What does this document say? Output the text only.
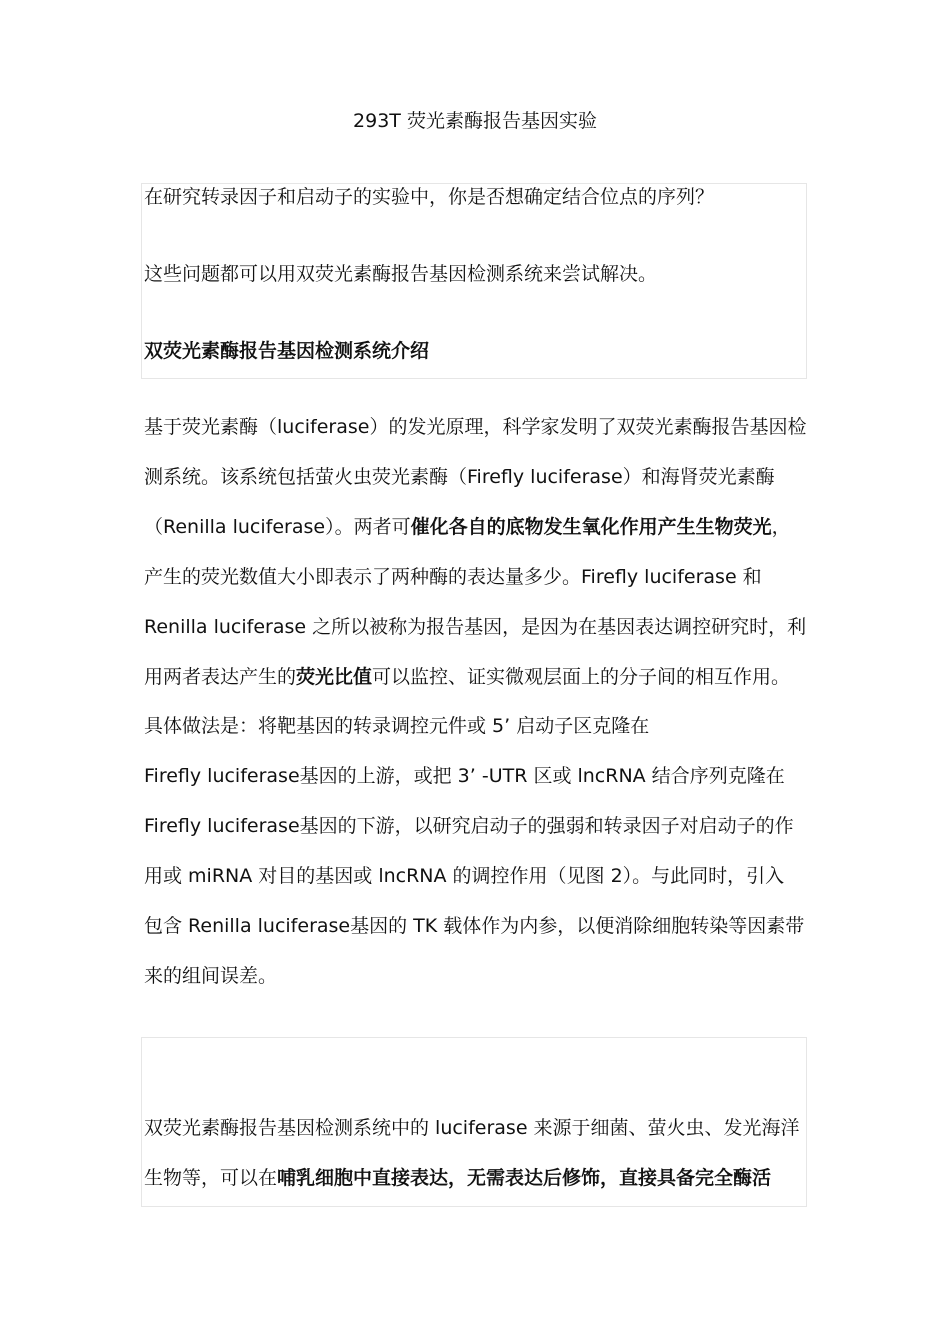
293T 荧光素酶报告基因实验
在研究转录因子和启动子的实验中，你是否想确定结合位点的序列？
这些问题都可以用双荧光素酶报告基因检测系统来尝试解决。
双荧光素酶报告基因检测系统介绍
基于荧光素酶（luciferase）的发光原理，科学家发明了双荧光素酶报告基因检
测系统。该系统包括萤火虫荧光素酶（Firefly luciferase）和海肾荧光素酶
（Renilla luciferase）。两者可催化各自的底物发生氧化作用产生生物荧光，
产生的荧光数值大小即表示了两种酶的表达量多少。Firefly luciferase 和
Renilla luciferase 之所以被称为报告基因，是因为在基因表达调控研究时，利
用两者表达产生的荧光比值可以监控、证实微观层面上的分子间的相互作用。
具体做法是：将靶基因的转录调控元件或 5’ 启动子区克隆在
Firefly luciferase基因的上游，或把 3’ -UTR 区或 lncRNA 结合序列克隆在
Firefly luciferase基因的下游，以研究启动子的强弱和转录因子对启动子的作
用或 miRNA 对目的基因或 lncRNA 的调控作用（见图 2）。与此同时，引入
包含 Renilla luciferase基因的 TK 载体作为内参，以便消除细胞转染等因素带
来的组间误差。
双荧光素酶报告基因检测系统中的 luciferase 来源于细菌、萤火虫、发光海洋
生物等，可以在哺乳细胞中直接表达，无需表达后修饰，直接具备完全酶活
